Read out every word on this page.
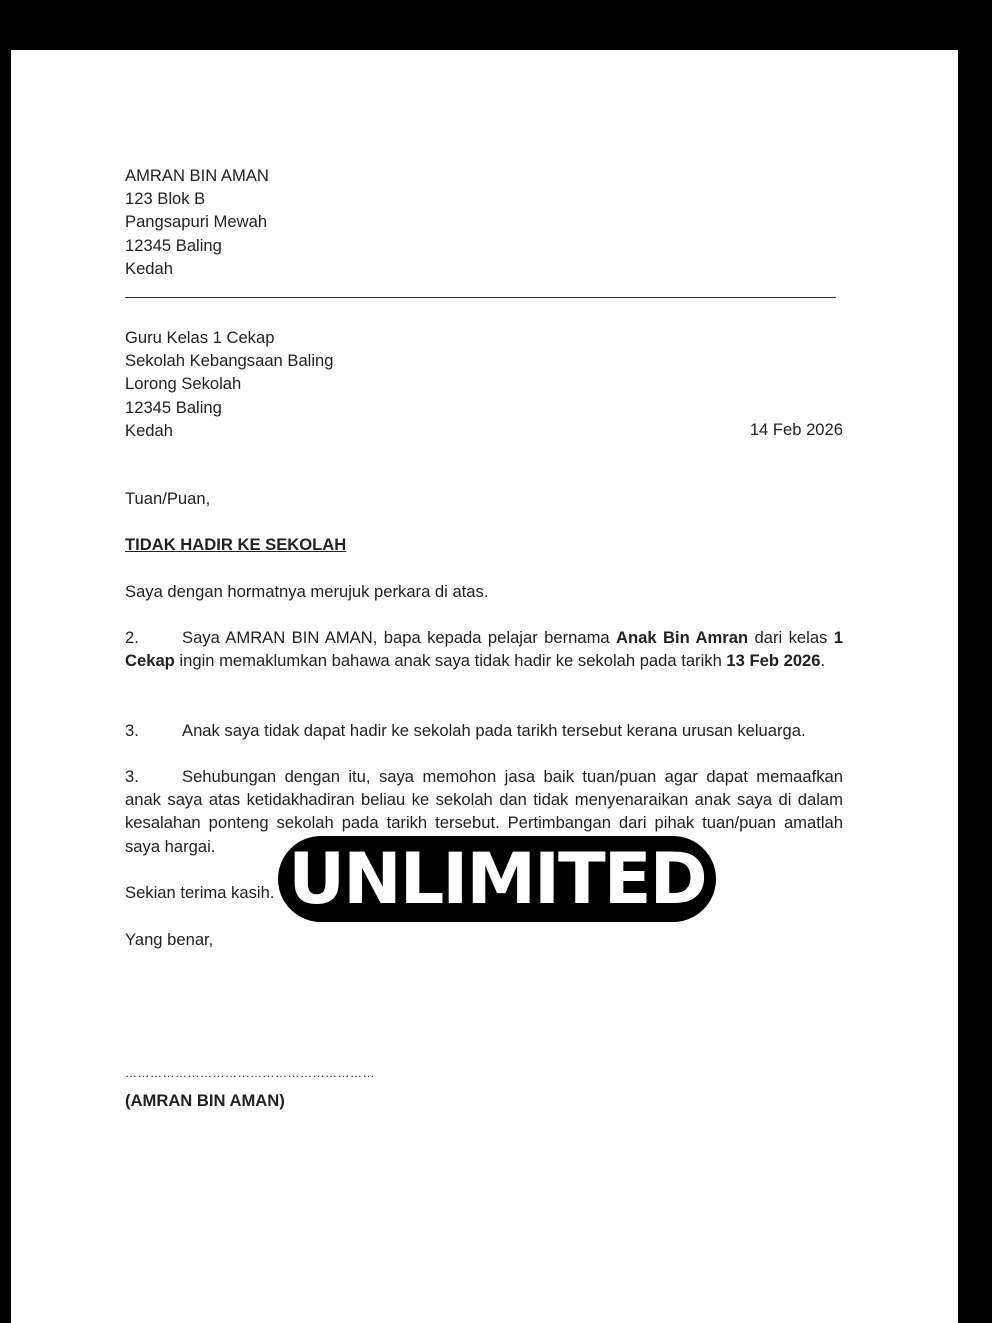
AMRAN BIN AMAN

123 Blok B

Pangsapuri Mewah

12345 Baling

Kedah

Guru Kelas 1 Cekap

Sekolah Kebangsaan Baling

Lorong Sekolah

12345 Baling

Kedah	14 Feb 2026
Tuan/Puan,
TIDAK HADIR KE SEKOLAH
Saya dengan hormatnya merujuk perkara di atas.
2.	Saya AMRAN BIN AMAN, bapa kepada pelajar bernama Anak Bin Amran dari kelas 1 Cekap ingin memaklumkan bahawa anak saya tidak hadir ke sekolah pada tarikh 13 Feb 2026.
3.	Anak saya tidak dapat hadir ke sekolah pada tarikh tersebut kerana urusan keluarga.
3.	Sehubungan dengan itu, saya memohon jasa baik tuan/puan agar dapat memaafkan anak saya atas ketidakhadiran beliau ke sekolah dan tidak menyenaraikan anak saya di dalam kesalahan ponteng sekolah pada tarikh tersebut. Pertimbangan dari pihak tuan/puan amatlah saya hargai.
Sekian terima kasih.
Yang benar,
……………………………………………………
(AMRAN BIN AMAN)
UNLIMITED
